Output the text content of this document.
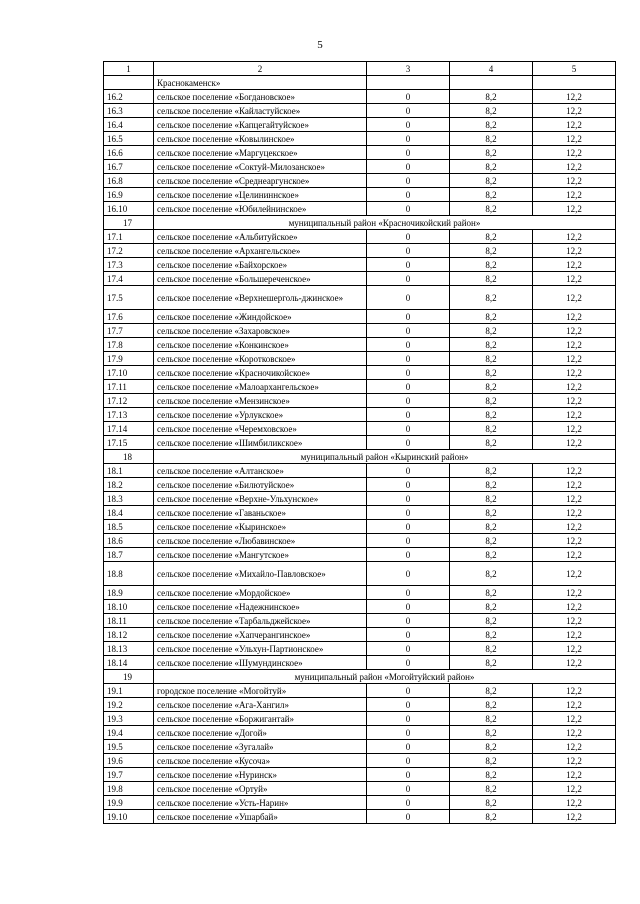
5
1	2	3	4	5
	Краснокаменск»			
16.2	сельское поселение «Богдановское»	0	8,2	12,2
16.3	сельское поселение «Кайластуйское»	0	8,2	12,2
16.4	сельское поселение «Капцегайтуйское»	0	8,2	12,2
16.5	сельское поселение «Ковылинское»	0	8,2	12,2
16.6	сельское поселение «Маргуцекское»	0	8,2	12,2
16.7	сельское поселение «Соктуй-Милозанское»	0	8,2	12,2
16.8	сельское поселение «Среднеаргунское»	0	8,2	12,2
16.9	сельское поселение «Целининнское»	0	8,2	12,2
16.10	сельское поселение «Юбилейнинское»	0	8,2	12,2
17	муниципальный район «Красночикойский район»			
17.1	сельское поселение «Альбитуйское»	0	8,2	12,2
17.2	сельское поселение «Архангельское»	0	8,2	12,2
17.3	сельское поселение «Байхорское»	0	8,2	12,2
17.4	сельское поселение «Большереченское»	0	8,2	12,2
17.5	сельское поселение «Верхнешерголь-джинское»	0	8,2	12,2
17.6	сельское поселение «Жиндойское»	0	8,2	12,2
17.7	сельское поселение «Захаровское»	0	8,2	12,2
17.8	сельское поселение «Конкинское»	0	8,2	12,2
17.9	сельское поселение «Коротковское»	0	8,2	12,2
17.10	сельское поселение «Красночикойское»	0	8,2	12,2
17.11	сельское поселение «Малоархангельское»	0	8,2	12,2
17.12	сельское поселение «Мензинское»	0	8,2	12,2
17.13	сельское поселение «Урлукское»	0	8,2	12,2
17.14	сельское поселение «Черемховское»	0	8,2	12,2
17.15	сельское поселение «Шимбиликское»	0	8,2	12,2
18	муниципальный район «Кыринский район»			
18.1	сельское поселение «Алтанское»	0	8,2	12,2
18.2	сельское поселение «Билютуйское»	0	8,2	12,2
18.3	сельское поселение «Верхне-Ульхунское»	0	8,2	12,2
18.4	сельское поселение «Гаваньское»	0	8,2	12,2
18.5	сельское поселение «Кыринское»	0	8,2	12,2
18.6	сельское поселение «Любавинское»	0	8,2	12,2
18.7	сельское поселение «Мангутское»	0	8,2	12,2
18.8	сельское поселение «Михайло-Павловское»	0	8,2	12,2
18.9	сельское поселение «Мордойское»	0	8,2	12,2
18.10	сельское поселение «Надежнинское»	0	8,2	12,2
18.11	сельское поселение «Тарбальджейское»	0	8,2	12,2
18.12	сельское поселение «Хапчерангинское»	0	8,2	12,2
18.13	сельское поселение «Ульхун-Партионское»	0	8,2	12,2
18.14	сельское поселение «Шумундинское»	0	8,2	12,2
19	муниципальный район «Могойтуйский район»			
19.1	городское поселение «Могойтуй»	0	8,2	12,2
19.2	сельское поселение «Ага-Хангил»	0	8,2	12,2
19.3	сельское поселение «Боржигантай»	0	8,2	12,2
19.4	сельское поселение «Догой»	0	8,2	12,2
19.5	сельское поселение «Зугалай»	0	8,2	12,2
19.6	сельское поселение «Кусоча»	0	8,2	12,2
19.7	сельское поселение «Нуринск»	0	8,2	12,2
19.8	сельское поселение «Ортуй»	0	8,2	12,2
19.9	сельское поселение «Усть-Нарин»	0	8,2	12,2
19.10	сельское поселение «Ушарбай»	0	8,2	12,2
